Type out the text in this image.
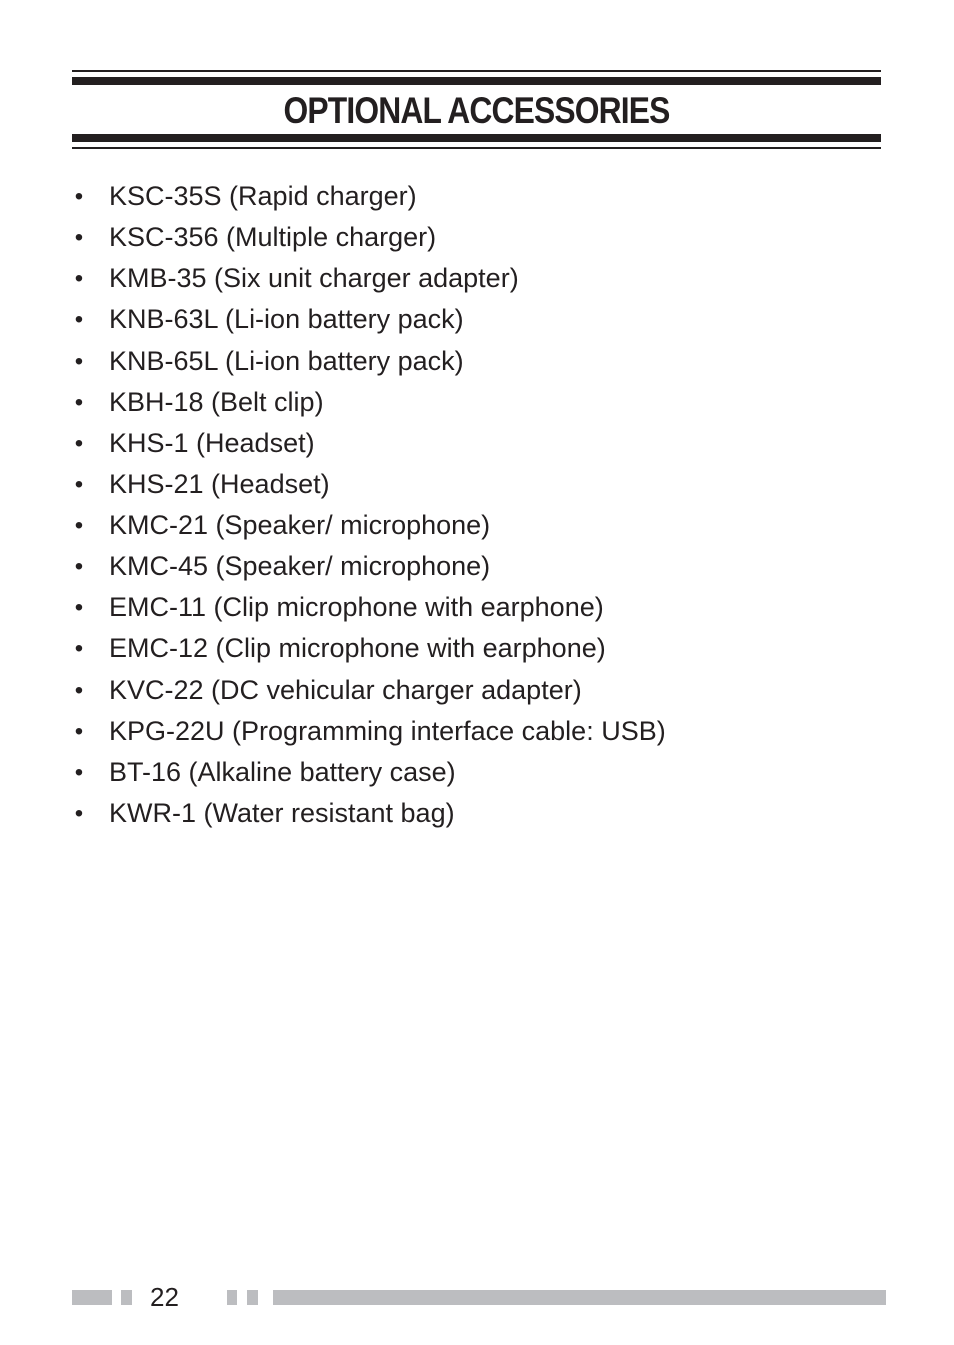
OPTIONAL ACCESSORIES
• KSC-35S (Rapid charger)
• KSC-356 (Multiple charger)
• KMB-35 (Six unit charger adapter)
• KNB-63L (Li-ion battery pack)
• KNB-65L (Li-ion battery pack)
• KBH-18 (Belt clip)
• KHS-1 (Headset)
• KHS-21 (Headset)
• KMC-21 (Speaker/ microphone)
• KMC-45 (Speaker/ microphone)
• EMC-11 (Clip microphone with earphone)
• EMC-12 (Clip microphone with earphone)
• KVC-22 (DC vehicular charger adapter)
• KPG-22U (Programming interface cable: USB)
• BT-16 (Alkaline battery case)
• KWR-1 (Water resistant bag)
22
